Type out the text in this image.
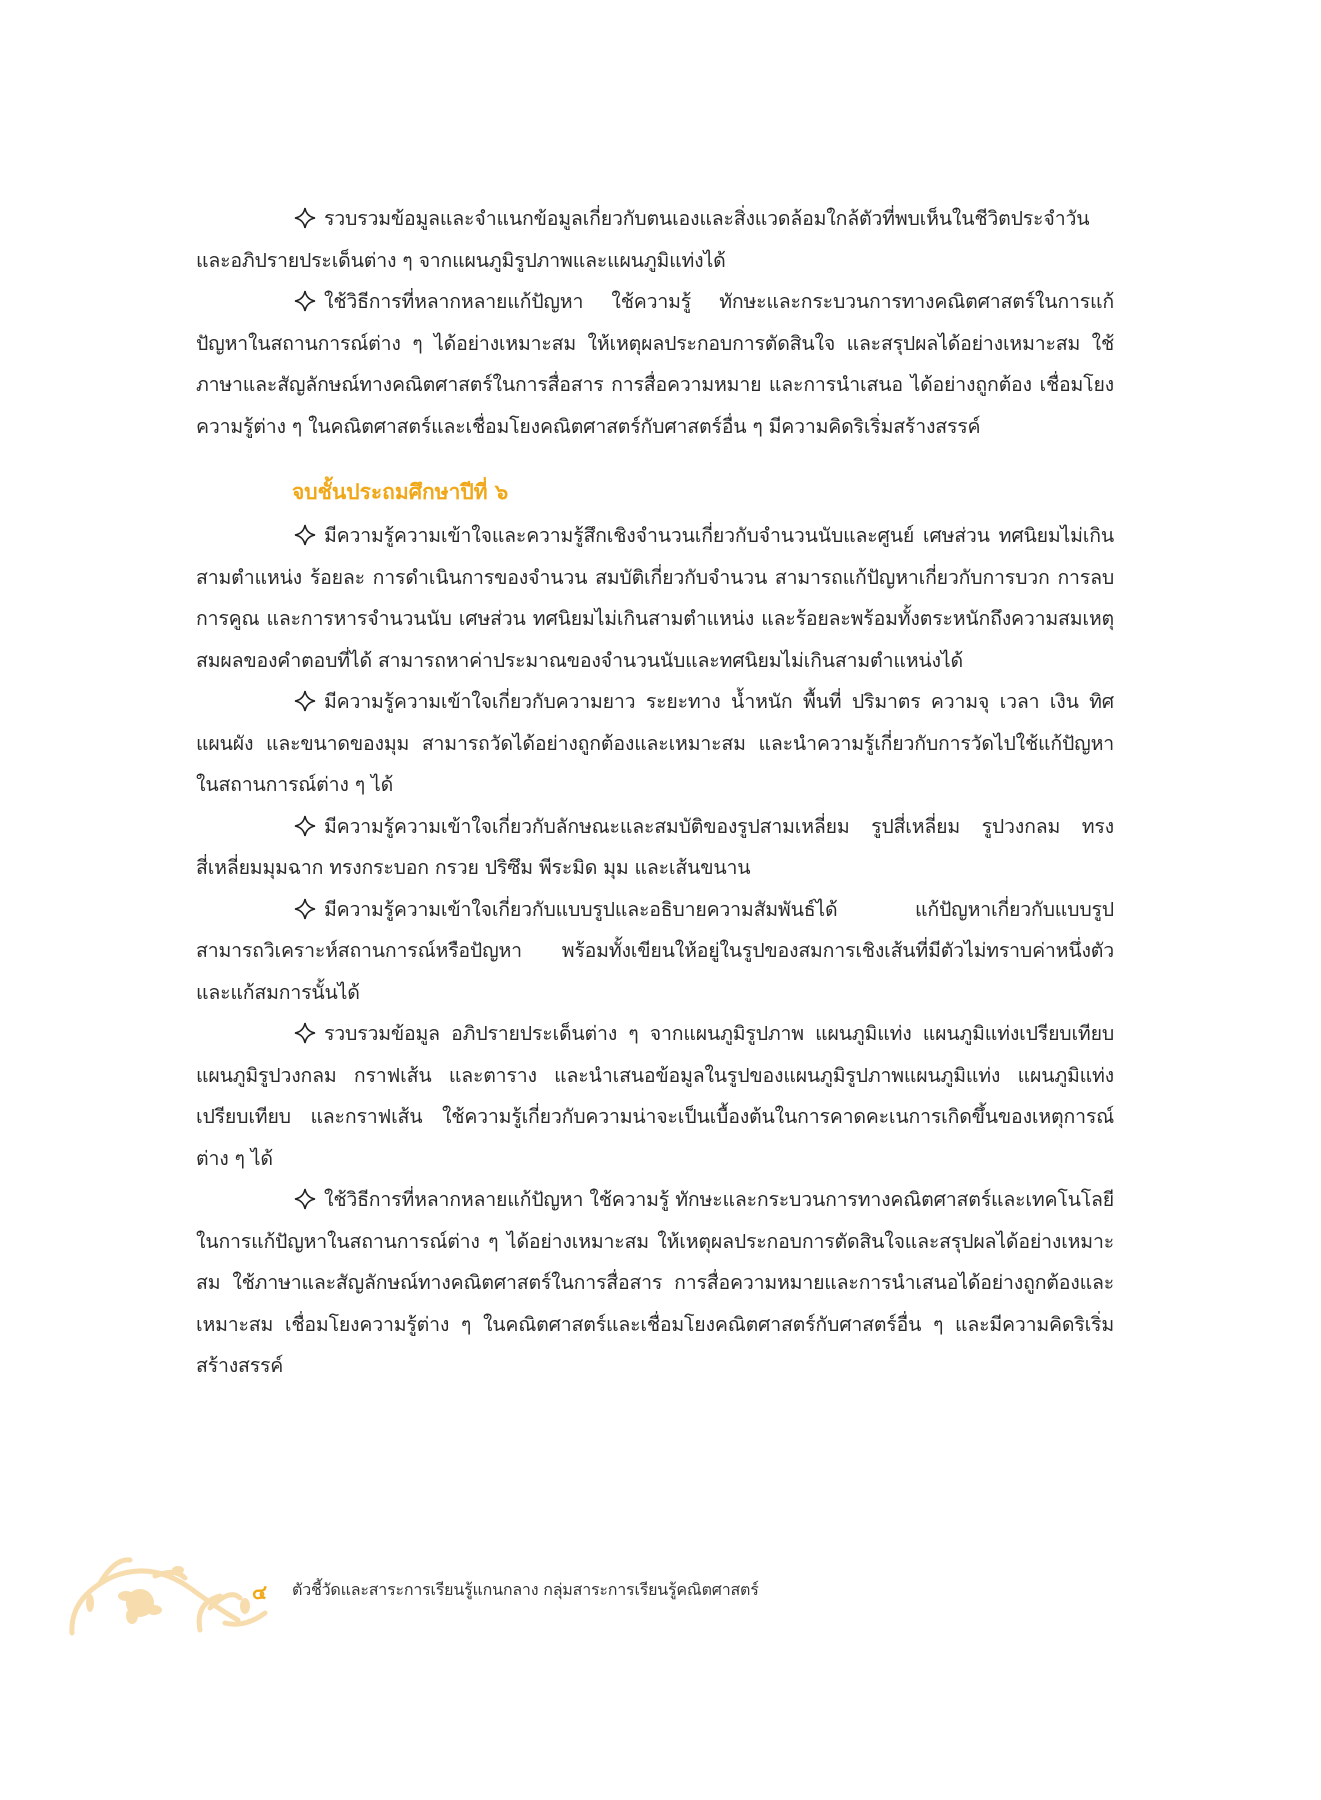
รวบรวมข้อมูลและจำแนกข้อมูลเกี่ยวกับตนเองและสิ่งแวดล้อมใกล้ตัวที่พบเห็นในชีวิตประจำวันและอภิปรายประเด็นต่าง ๆ จากแผนภูมิรูปภาพและแผนภูมิแท่งได้

ใช้วิธีการที่หลากหลายแก้ปัญหา ใช้ความรู้ ทักษะและกระบวนการทางคณิตศาสตร์ในการแก้ปัญหาในสถานการณ์ต่าง ๆ ได้อย่างเหมาะสม ให้เหตุผลประกอบการตัดสินใจ และสรุปผลได้อย่างเหมาะสม ใช้ภาษาและสัญลักษณ์ทางคณิตศาสตร์ในการสื่อสาร การสื่อความหมาย และการนำเสนอ ได้อย่างถูกต้อง เชื่อมโยงความรู้ต่าง ๆ ในคณิตศาสตร์และเชื่อมโยงคณิตศาสตร์กับศาสตร์อื่น ๆ มีความคิดริเริ่มสร้างสรรค์

จบชั้นประถมศึกษาปีที่ ๖

มีความรู้ความเข้าใจและความรู้สึกเชิงจำนวนเกี่ยวกับจำนวนนับและศูนย์ เศษส่วน ทศนิยมไม่เกินสามตำแหน่ง ร้อยละ การดำเนินการของจำนวน สมบัติเกี่ยวกับจำนวน สามารถแก้ปัญหาเกี่ยวกับการบวก การลบ การคูณ และการหารจำนวนนับ เศษส่วน ทศนิยมไม่เกินสามตำแหน่ง และร้อยละพร้อมทั้งตระหนักถึงความสมเหตุสมผลของคำตอบที่ได้ สามารถหาค่าประมาณของจำนวนนับและทศนิยมไม่เกินสามตำแหน่งได้

มีความรู้ความเข้าใจเกี่ยวกับความยาว ระยะทาง น้ำหนัก พื้นที่ ปริมาตร ความจุ เวลา เงิน ทิศ แผนผัง และขนาดของมุม สามารถวัดได้อย่างถูกต้องและเหมาะสม และนำความรู้เกี่ยวกับการวัดไปใช้แก้ปัญหาในสถานการณ์ต่าง ๆ ได้

มีความรู้ความเข้าใจเกี่ยวกับลักษณะและสมบัติของรูปสามเหลี่ยม รูปสี่เหลี่ยม รูปวงกลม ทรงสี่เหลี่ยมมุมฉาก ทรงกระบอก กรวย ปริซึม พีระมิด มุม และเส้นขนาน

มีความรู้ความเข้าใจเกี่ยวกับแบบรูปและอธิบายความสัมพันธ์ได้ แก้ปัญหาเกี่ยวกับแบบรูป สามารถวิเคราะห์สถานการณ์หรือปัญหา พร้อมทั้งเขียนให้อยู่ในรูปของสมการเชิงเส้นที่มีตัวไม่ทราบค่าหนึ่งตัวและแก้สมการนั้นได้

รวบรวมข้อมูล อภิปรายประเด็นต่าง ๆ จากแผนภูมิรูปภาพ แผนภูมิแท่ง แผนภูมิแท่งเปรียบเทียบ แผนภูมิรูปวงกลม กราฟเส้น และตาราง และนำเสนอข้อมูลในรูปของแผนภูมิรูปภาพแผนภูมิแท่ง แผนภูมิแท่งเปรียบเทียบ และกราฟเส้น ใช้ความรู้เกี่ยวกับความน่าจะเป็นเบื้องต้นในการคาดคะเนการเกิดขึ้นของเหตุการณ์ต่าง ๆ ได้

ใช้วิธีการที่หลากหลายแก้ปัญหา ใช้ความรู้ ทักษะและกระบวนการทางคณิตศาสตร์และเทคโนโลยีในการแก้ปัญหาในสถานการณ์ต่าง ๆ ได้อย่างเหมาะสม ให้เหตุผลประกอบการตัดสินใจและสรุปผลได้อย่างเหมาะสม ใช้ภาษาและสัญลักษณ์ทางคณิตศาสตร์ในการสื่อสาร การสื่อความหมายและการนำเสนอได้อย่างถูกต้องและเหมาะสม เชื่อมโยงความรู้ต่าง ๆ ในคณิตศาสตร์และเชื่อมโยงคณิตศาสตร์กับศาสตร์อื่น ๆ และมีความคิดริเริ่มสร้างสรรค์

๔ ตัวชี้วัดและสาระการเรียนรู้แกนกลาง กลุ่มสาระการเรียนรู้คณิตศาสตร์
